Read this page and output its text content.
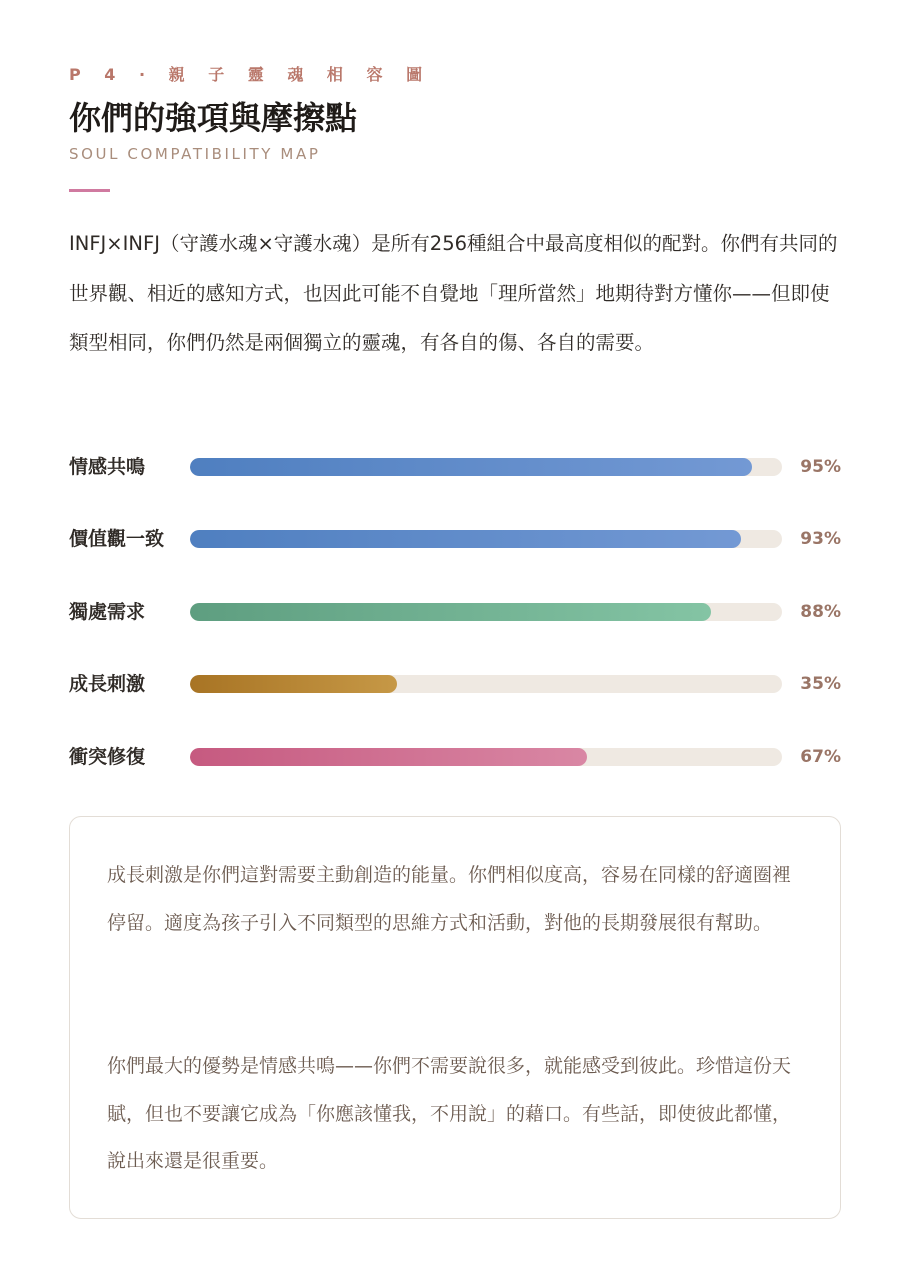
P 4 · 親 子 靈 魂 相 容 圖
你們的強項與摩擦點
SOUL COMPATIBILITY MAP

INFJ×INFJ（守護水魂×守護水魂）是所有256種組合中最高度相似的配對。你們有共同的世界觀、相近的感知方式，也因此可能不自覺地「理所當然」地期待對方懂你——但即使類型相同，你們仍然是兩個獨立的靈魂，有各自的傷、各自的需要。

情感共鳴	95%
價值觀一致	93%
獨處需求	88%
成長刺激	35%
衝突修復	67%

成長刺激是你們這對需要主動創造的能量。你們相似度高，容易在同樣的舒適圈裡停留。適度為孩子引入不同類型的思維方式和活動，對他的長期發展很有幫助。

你們最大的優勢是情感共鳴——你們不需要說很多，就能感受到彼此。珍惜這份天賦，但也不要讓它成為「你應該懂我，不用說」的藉口。有些話，即使彼此都懂，說出來還是很重要。
